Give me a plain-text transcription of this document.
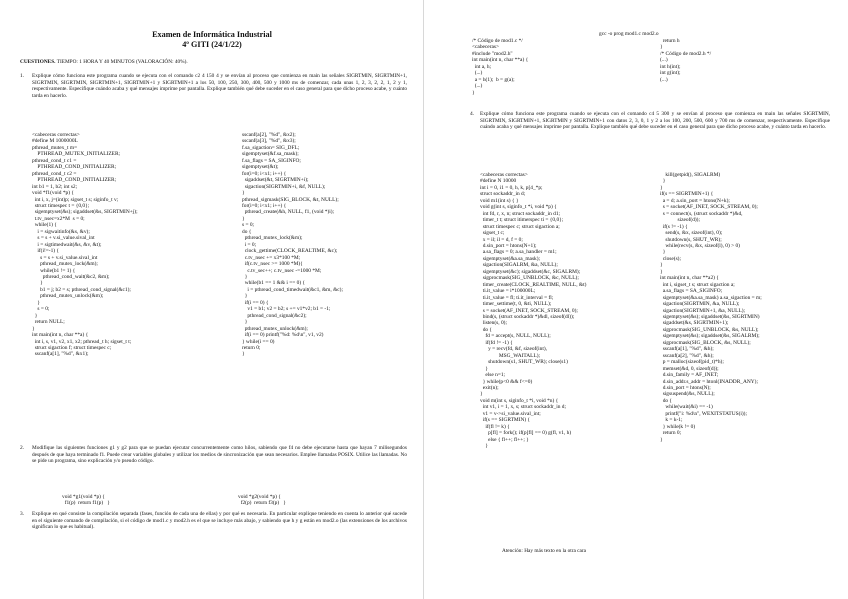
Examen de Informática Industrial
4º GITI (24/1/22)
CUESTIONES. TIEMPO: 1 HORA Y 40 MINUTOS (VALORACIÓN: 40%).
1. Explique cómo funciona este programa cuando se ejecuta con el comando c2 4 150 4 y se envían al proceso que comienza en main las señales SIGRTMIN, SIGRTMIN+1, SIGRTMIN, SIGRTMIN, SIGRTMIN+1, SIGRTMIN+1 y SIGRTMIN+1 a los 50, 100, 250, 300, 400, 500 y 1000 ms de comenzar, cada unas 1, 2, 3, 2, 2, 1, 2 y 1, respectivamente. Especifique cuándo acaba y qué mensajes imprime por pantalla. Explique también qué debe suceder en el caso general para que dicho proceso acabe, y cuánto tarda en hacerlo.
<cabeceras correctas>
#define M 1000000L
pthread_mutex_t m=
PTHREAD_MUTEX_INITIALIZER;
pthread_cond_t c1 =
PTHREAD_COND_INITIALIZER;
pthread_cond_t c2 =
PTHREAD_COND_INITIALIZER;
int b1 = 1, b2; int s2;
void *f1(void *p) {
int i, x, j=(int)p; sigset_t s; siginfo_t v;
struct timespec t = {0,0};
sigemptyset(&s); sigaddset(&s, SIGRTMIN+j);
t.tv_nsec=x2*M  s = 0;
while(1) {
i = sigwaitinfo(&s, &v);
s = s + v.si_value.sival_int
i = sigtimedwait(&s, &v, &t);
if(i!=-1) {
s = s + v.si_value.sival_int
pthread_mutex_lock(&m);
while(b1 != 1) {
pthread_cond_wait(&c2, &m);
}
b1 = j; b2 = s; pthread_cond_signal(&c1);
pthread_mutex_unlock(&m);
}
s = 0;
}
return NULL;
}
int main(int n, char **a) {
int i, s, v1, v2, x1, x2; pthread_t h; sigset_t t;
struct sigaction f; struct timespec c;
sscanf(a[1], "%d", &x1);
sscanf(a[2], "%d", &x2);
sscanf(a[3], "%d", &x3);
f.sa_sigaction= SIG_DFL;
sigemptyset(&f.sa_mask);
f.sa_flags = SA_SIGINFO;
sigemptyset(&t);
for(i=0; i<x1; i++) {
sigaddset(&t, SIGRTMIN+i);
sigaction(SIGRTMIN+i, &f, NULL);
}
pthread_sigmask(SIG_BLOCK, &t, NULL);
for(i=0; i<x1; i++) {
pthread_create(&h, NULL, f1, (void *)i);
}
s = 0;
do {
pthread_mutex_lock(&m);
i = 0;
clock_gettime(CLOCK_REALTIME, &c);
c.tv_nsec += x3*100 *M;
if(c.tv_nsec >= 1000 *M){
c.tv_sec++; c.tv_nsec -=1000 *M;
}
while(b1 == 1 && i == 0) {
i = pthread_cond_timedwait(&c1, &m, &c);
}
if(i == 0) {
v1 = b1; v2 = b2; s += v1*v2; b1 = -1;
pthread_cond_signal(&c2);
}
pthread_mutex_unlock(&m);
if(i == 0) printf("%d: %d\n", v1, v2)
} while(i == 0)
return 0;
}
2. Modifique las siguientes funciones g1 y g2 para que se puedan ejecutar concurrentemente como hilos, sabiendo que f4 no debe ejecutarse hasta que hayan 7 milisegundos después de que haya terminado f1. Puede crear variables globales y utilizar los medios de sincronización que sean necesarios. Emplee llamadas POSIX. Utilice las llamadas. No se pide un programa, sino explicación y/o pseudo código.
void *g1(void *p) {
f1(p)  return f1(p)   }
void *g2(void *p) {
f2(p)  return f3(p)   }
3. Explique en qué consiste la compilación separada (fases, función de cada una de ellas) y por qué es necesaria. En particular explique teniendo en cuenta lo anterior qué sucede en el siguiente comando de compilación, si el código de mod1.c y mod2.h es el que se incluye más abajo, y sabiendo que h y g están en mod2.o (las extensiones de los archivos significan lo que es habitual).
gcc -o prog mod1.c mod2.o
/* Código de mod1.c */
<cabeceras>
#include "mod2.h"
int main(int n, char **a) {
int a, h;
(...)
a = h(1);  b = g(a);
(...)
}
return h
}
/* Código de mod2.h */
(...)
int h(int);
int g(int);
(...)
4. Explique cómo funciona este programa cuando se ejecuta con el comando c4 5 300 y se envían al proceso que comienza en main las señales SIGRTMIN, SIGRTMIN, SIGRTMIN+1, SIGRTMIN y SIGRTMIN+1 con datos 2, 3, 0, 1 y 2 a los 100, 200, 500, 600 y 700 ms de comenzar, respectivamente. Especifique cuándo acaba y qué mensajes imprime por pantalla. Explique también qué debe suceder en el caso general para que dicho proceso acabe, y cuánto tarda en hacerlo.
<cabeceras correctas>
#define N 10000
int i = 0, i1 = 0, h, k, p[4_*p;
struct sockaddr_in d;
void m1(int s) { }
void g(int s, siginfo_t *i, void *p) {
int fd, r, x, n; struct sockaddr_in d1;
timer_t t; struct itimerspec ti = {0,0};
struct timespec c; struct sigaction a;
sigset_t c;
x = il; il = d, f = 0;
d.sin_port = htons(N+1);
a.sa_flags = 0; a.sa_handler = m1;
sigemptyset(&a.sa_mask);
sigaction(SIGALRM, &a, NULL);
sigemptyset(&c); sigaddset(&c, SIGALRM);
sigprocmask(SIG_UNBLOCK, &c, NULL);
timer_create(CLOCK_REALTIME, NULL, &t)
ti.it_value = i*100000L;
ti.it_value = fl; ti.it_interval = fl;
timer_settime(t, 0, &ti, NULL);
s = socket(AF_INET, SOCK_STREAM, 0);
bind(s, (struct sockaddr *)&dl, sizeof(dl));
listen(s, 0);
do {
fd = accept(s, NULL, NULL);
if(fd != -1) {
y = recv(fd, &f, sizeof(int),
MSG_WAITALL);
shutdown(s1, SHUT_WR); close(s1)
}
else n=1;
} while(p<0 && f<=0)
exit(n);
}
void m(int s, siginfo_t *i, void *n) {
int v1, i = 1, x, s; struct sockaddr_in d;
v1 = v->si_value.sival_int;
if(s == SIGRTMIN) {
if(fl != k) {
p[fl] = fork(); if(p[fl] == 0) g(fl, v1, h)
else { fl++; fl++; }
}
kill(getpid(), SIGALRM)
}
}
if(s == SIGRTMIN+1) {
a = d; a.sin_port = htons(N+k);
s = socket(AF_INET, SOCK_STREAM, 0);
s = connect(s, (struct sockaddr *)&d,
sizeof(d));
if(s != -1) {
send(s, &x, sizeof(int), 0);
shutdown(s, SHUT_WR);
while(recv(s, &x, sizeof(l), 0) > 0)
}
close(s);
}
}
int main(int n, char **a2) {
int i, sigset_t s; struct sigaction a;
a.sa_flags = SA_SIGINFO;
sigemptyset(&a.sa_mask) a.sa_sigaction = m;
sigaction(SIGRTMIN, &a, NULL);
sigaction(SIGRTMIN+1, &a, NULL);
sigemptyset(&s); sigaddset(&s, SIGRTMIN)
sigaddset(&s, SIGRTMIN+1);
sigprocmask(SIG_UNBLOCK, &s, NULL);
sigemptyset(&s); sigaddset(&s, SIGALRM);
sigprocmask(SIG_BLOCK, &s, NULL);
sscanf(a[1], "%d", &h);
sscanf(a[2], "%d", &h);
p = malloc(sizeof(pid_t)*h);
memset(&d, 0, sizeof(d));
d.sin_family = AF_INET;
d.sin_addr.s_addr = htonl(INADDR_ANY);
d.sin_port = htons(N);
sigsuspend(&s, NULL);
do {
while(wait(&i) == -1)
printf("i: %d\n", WEXITSTATUS(i));
k = k-1;
} while(k != 0)
return 0;
}
Atención: Hay más texto en la otra cara
